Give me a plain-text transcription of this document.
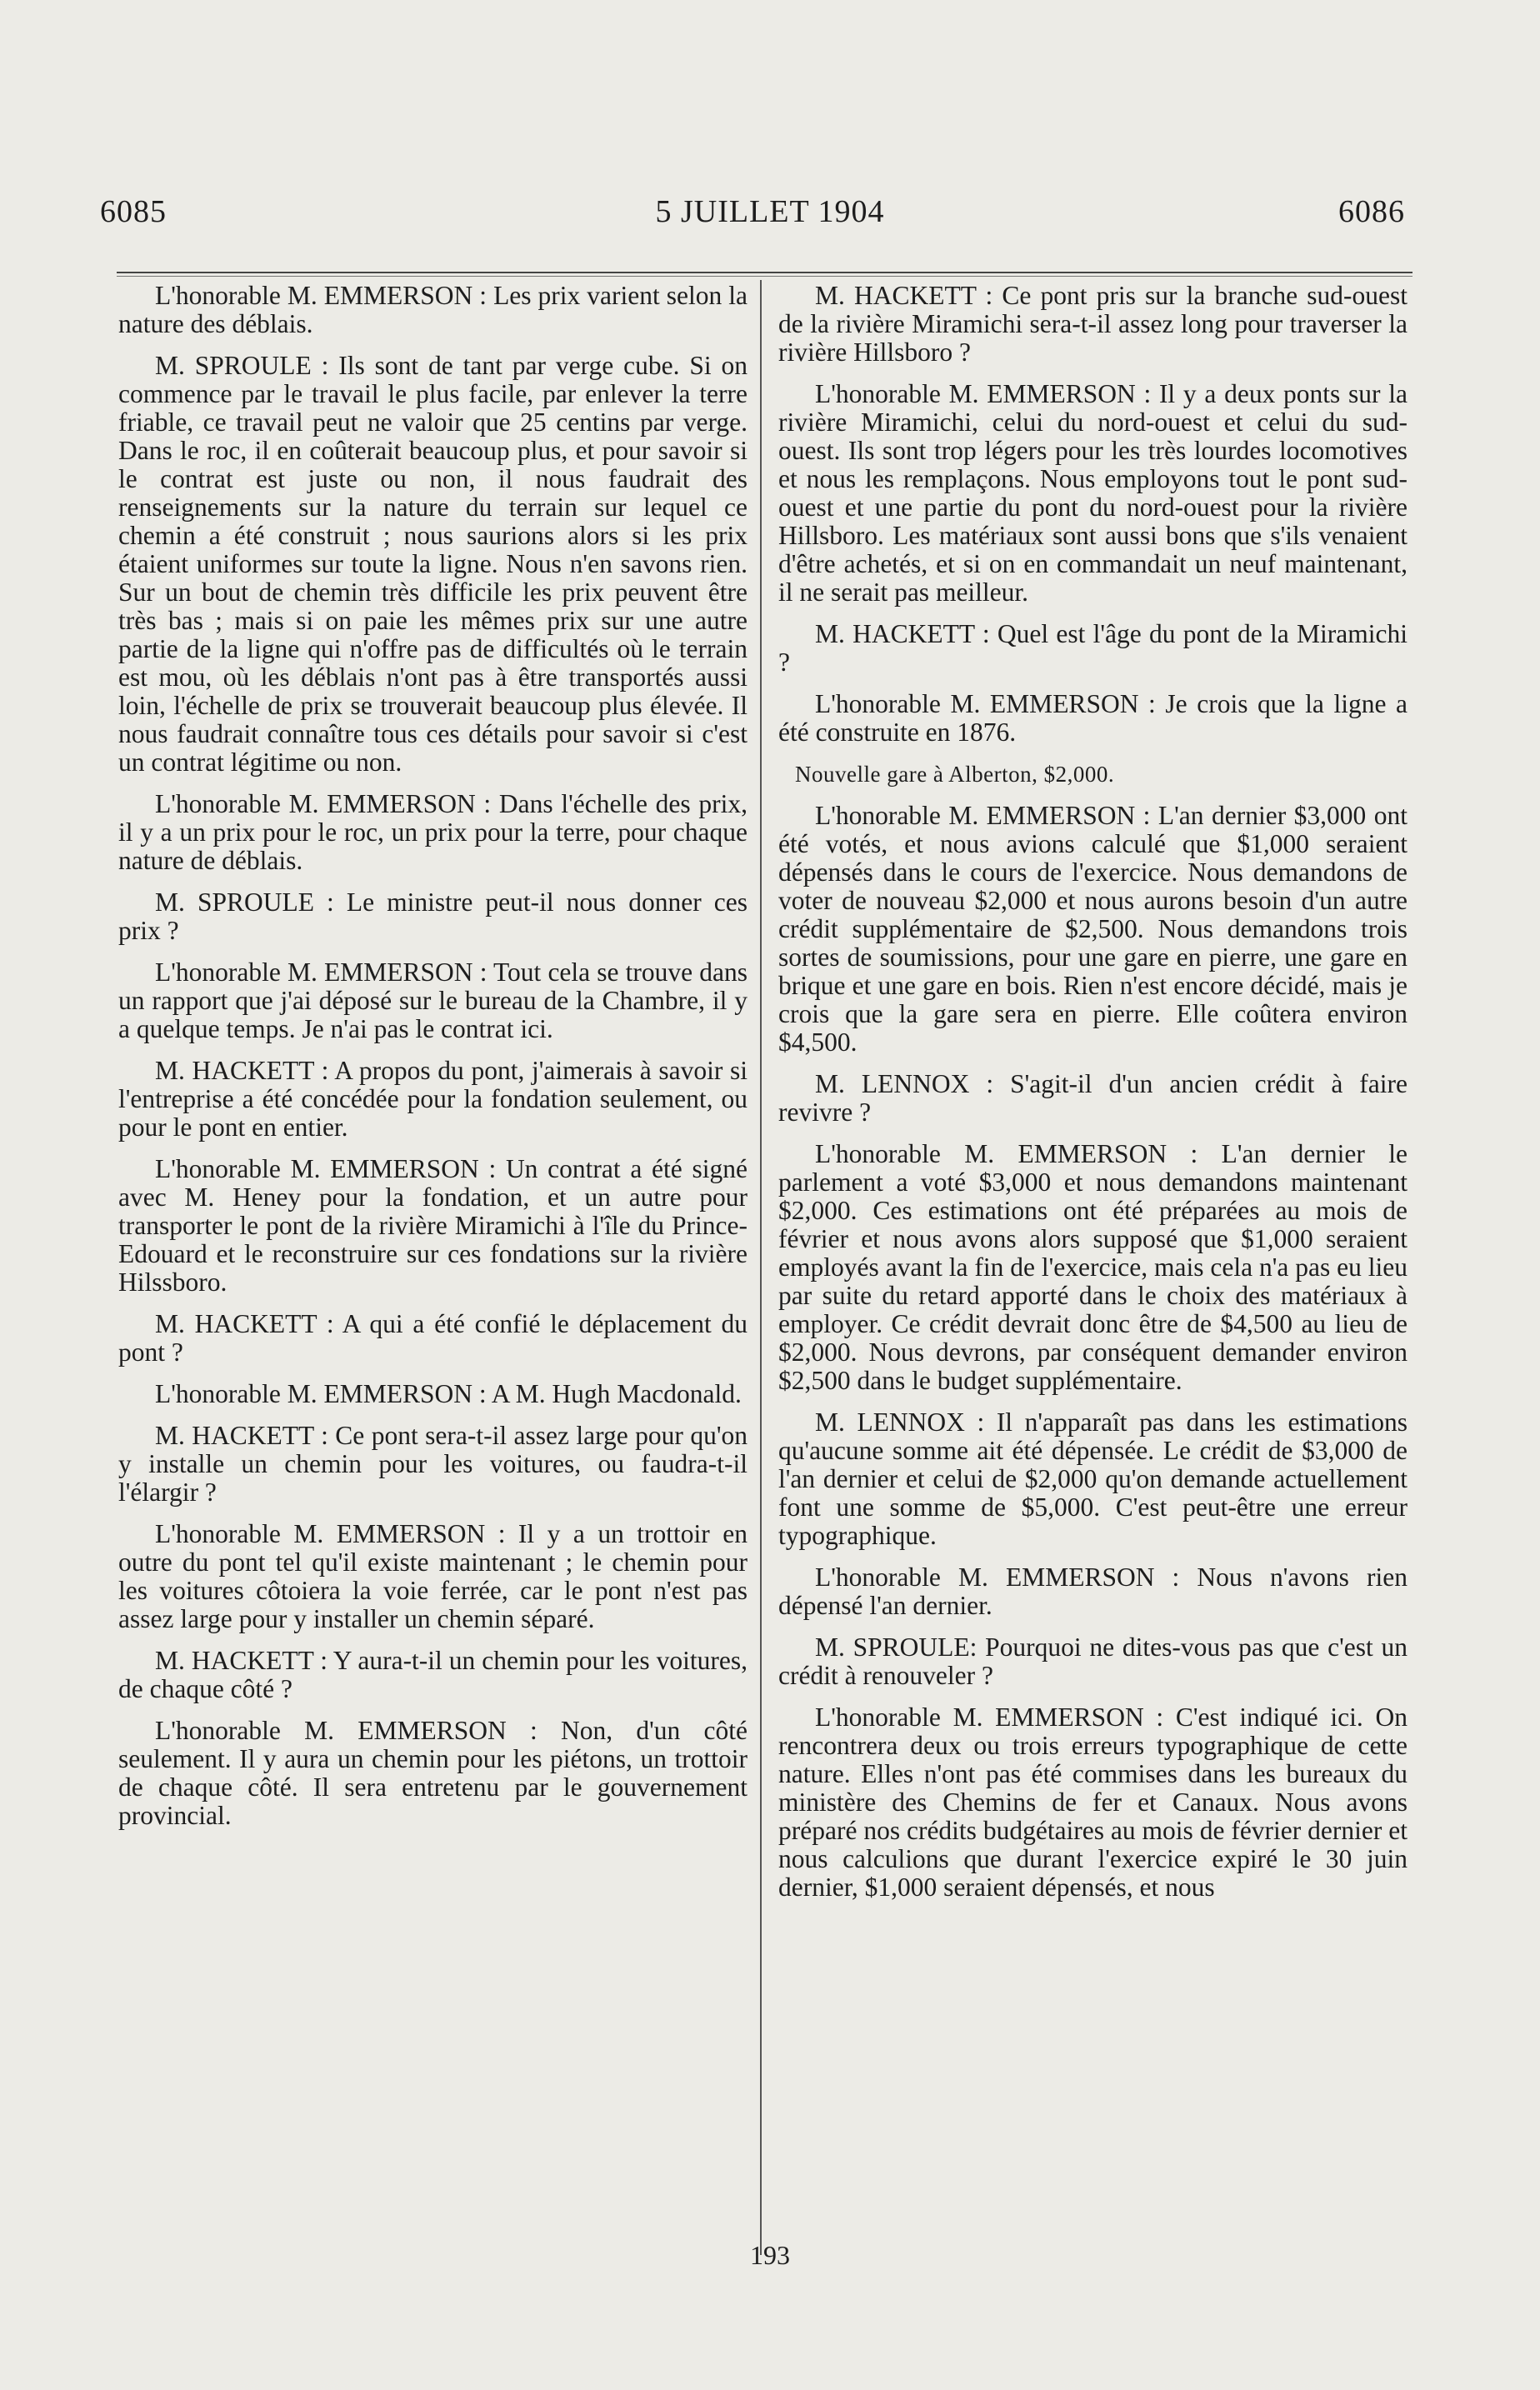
5 JUILLET 1904
6085	6086

L'honorable M. EMMERSON : Les prix varient selon la nature des déblais.

M. SPROULE : Ils sont de tant par verge cube. Si on commence par le travail le plus facile, par enlever la terre friable, ce travail peut ne valoir que 25 centins par verge. Dans le roc, il en coûterait beaucoup plus, et pour savoir si le contrat est juste ou non, il nous faudrait des renseignements sur la nature du terrain sur lequel ce chemin a été construit ; nous saurions alors si les prix étaient uniformes sur toute la ligne. Nous n'en savons rien. Sur un bout de chemin très difficile les prix peuvent être très bas ; mais si on paie les mêmes prix sur une autre partie de la ligne qui n'offre pas de difficultés où le terrain est mou, où les déblais n'ont pas à être transportés aussi loin, l'échelle de prix se trouverait beaucoup plus élevée. Il nous faudrait connaître tous ces détails pour savoir si c'est un contrat légitime ou non.

L'honorable M. EMMERSON : Dans l'échelle des prix, il y a un prix pour le roc, un prix pour la terre, pour chaque nature de déblais.

M. SPROULE : Le ministre peut-il nous donner ces prix ?

L'honorable M. EMMERSON : Tout cela se trouve dans un rapport que j'ai déposé sur le bureau de la Chambre, il y a quelque temps. Je n'ai pas le contrat ici.

M. HACKETT : A propos du pont, j'aimerais à savoir si l'entreprise a été concédée pour la fondation seulement, ou pour le pont en entier.

L'honorable M. EMMERSON : Un contrat a été signé avec M. Heney pour la fondation, et un autre pour transporter le pont de la rivière Miramichi à l'île du Prince-Edouard et le reconstruire sur ces fondations sur la rivière Hilssboro.

M. HACKETT : A qui a été confié le déplacement du pont ?

L'honorable M. EMMERSON : A M. Hugh Macdonald.

M. HACKETT : Ce pont sera-t-il assez large pour qu'on y installe un chemin pour les voitures, ou faudra-t-il l'élargir ?

L'honorable M. EMMERSON : Il y a un trottoir en outre du pont tel qu'il existe maintenant ; le chemin pour les voitures côtoiera la voie ferrée, car le pont n'est pas assez large pour y installer un chemin séparé.

M. HACKETT : Y aura-t-il un chemin pour les voitures, de chaque côté ?

L'honorable M. EMMERSON : Non, d'un côté seulement. Il y aura un chemin pour les piétons, un trottoir de chaque côté. Il sera entretenu par le gouvernement provincial.

M. HACKETT : Ce pont pris sur la branche sud-ouest de la rivière Miramichi sera-t-il assez long pour traverser la rivière Hillsboro ?

L'honorable M. EMMERSON : Il y a deux ponts sur la rivière Miramichi, celui du nord-ouest et celui du sud-ouest. Ils sont trop légers pour les très lourdes locomotives et nous les remplaçons. Nous employons tout le pont sud-ouest et une partie du pont du nord-ouest pour la rivière Hillsboro. Les matériaux sont aussi bons que s'ils venaient d'être achetés, et si on en commandait un neuf maintenant, il ne serait pas meilleur.

M. HACKETT : Quel est l'âge du pont de la Miramichi ?

L'honorable M. EMMERSON : Je crois que la ligne a été construite en 1876.

Nouvelle gare à Alberton, $2,000.

L'honorable M. EMMERSON : L'an dernier $3,000 ont été votés, et nous avions calculé que $1,000 seraient dépensés dans le cours de l'exercice. Nous demandons de voter de nouveau $2,000 et nous aurons besoin d'un autre crédit supplémentaire de $2,500. Nous demandons trois sortes de soumissions, pour une gare en pierre, une gare en brique et une gare en bois. Rien n'est encore décidé, mais je crois que la gare sera en pierre. Elle coûtera environ $4,500.

M. LENNOX : S'agit-il d'un ancien crédit à faire revivre ?

L'honorable M. EMMERSON : L'an dernier le parlement a voté $3,000 et nous demandons maintenant $2,000. Ces estimations ont été préparées au mois de février et nous avons alors supposé que $1,000 seraient employés avant la fin de l'exercice, mais cela n'a pas eu lieu par suite du retard apporté dans le choix des matériaux à employer. Ce crédit devrait donc être de $4,500 au lieu de $2,000. Nous devrons, par conséquent demander environ $2,500 dans le budget supplémentaire.

M. LENNOX : Il n'apparaît pas dans les estimations qu'aucune somme ait été dépensée. Le crédit de $3,000 de l'an dernier et celui de $2,000 qu'on demande actuellement font une somme de $5,000. C'est peut-être une erreur typographique.

L'honorable M. EMMERSON : Nous n'avons rien dépensé l'an dernier.

M. SPROULE: Pourquoi ne dites-vous pas que c'est un crédit à renouveler ?

L'honorable M. EMMERSON : C'est indiqué ici. On rencontrera deux ou trois erreurs typographique de cette nature. Elles n'ont pas été commises dans les bureaux du ministère des Chemins de fer et Canaux. Nous avons préparé nos crédits budgétaires au mois de février dernier et nous calculions que durant l'exercice expiré le 30 juin dernier, $1,000 seraient dépensés, et nous

193
